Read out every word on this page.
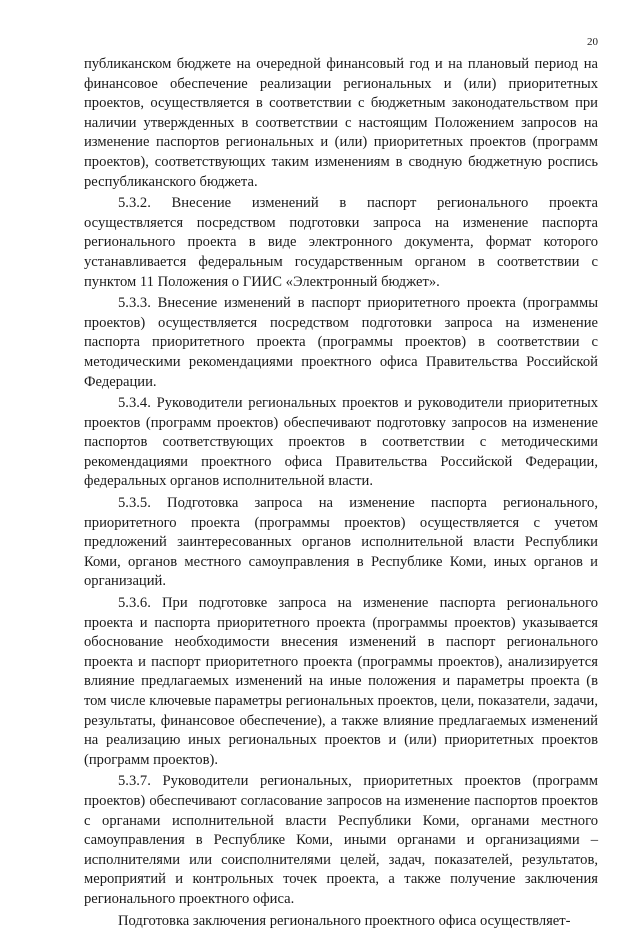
20

публиканском бюджете на очередной финансовый год и на плановый период на финансовое обеспечение реализации региональных и (или) приоритетных проектов, осуществляется в соответствии с бюджетным законодательством при наличии утвержденных в соответствии с настоящим Положением запросов на изменение паспортов региональных и (или) приоритетных проектов (программ проектов), соответствующих таким изменениям в сводную бюджетную роспись республиканского бюджета.

5.3.2. Внесение изменений в паспорт регионального проекта осуществляется посредством подготовки запроса на изменение паспорта регионального проекта в виде электронного документа, формат которого устанавливается федеральным государственным органом в соответствии с пунктом 11 Положения о ГИИС «Электронный бюджет».

5.3.3. Внесение изменений в паспорт приоритетного проекта (программы проектов) осуществляется посредством подготовки запроса на изменение паспорта приоритетного проекта (программы проектов) в соответствии с методическими рекомендациями проектного офиса Правительства Российской Федерации.

5.3.4. Руководители региональных проектов и руководители приоритетных проектов (программ проектов) обеспечивают подготовку запросов на изменение паспортов соответствующих проектов в соответствии с методическими рекомендациями проектного офиса Правительства Российской Федерации, федеральных органов исполнительной власти.

5.3.5. Подготовка запроса на изменение паспорта регионального, приоритетного проекта (программы проектов) осуществляется с учетом предложений заинтересованных органов исполнительной власти Республики Коми, органов местного самоуправления в Республике Коми, иных органов и организаций.

5.3.6. При подготовке запроса на изменение паспорта регионального проекта и паспорта приоритетного проекта (программы проектов) указывается обоснование необходимости внесения изменений в паспорт регионального проекта и паспорт приоритетного проекта (программы проектов), анализируется влияние предлагаемых изменений на иные положения и параметры проекта (в том числе ключевые параметры региональных проектов, цели, показатели, задачи, результаты, финансовое обеспечение), а также влияние предлагаемых изменений на реализацию иных региональных проектов и (или) приоритетных проектов (программ проектов).

5.3.7. Руководители региональных, приоритетных проектов (программ проектов) обеспечивают согласование запросов на изменение паспортов проектов с органами исполнительной власти Республики Коми, органами местного самоуправления в Республике Коми, иными органами и организациями – исполнителями или соисполнителями целей, задач, показателей, результатов, мероприятий и контрольных точек проекта, а также получение заключения регионального проектного офиса.

Подготовка заключения регионального проектного офиса осуществляет-
